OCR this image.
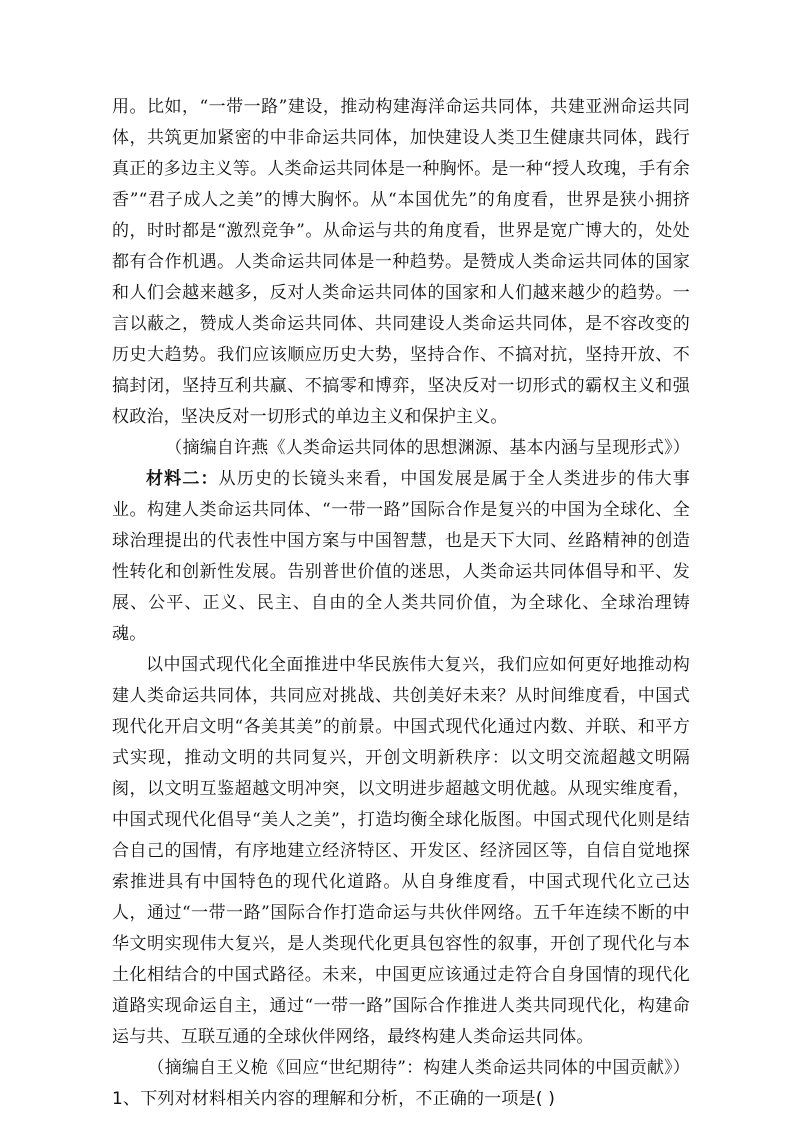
用。比如，“一带一路”建设，推动构建海洋命运共同体，共建亚洲命运共同体，共筑更加紧密的中非命运共同体，加快建设人类卫生健康共同体，践行真正的多边主义等。人类命运共同体是一种胸怀。是一种“授人玫瑰，手有余香”“君子成人之美”的博大胸怀。从“本国优先”的角度看，世界是狭小拥挤的，时时都是“激烈竞争”。从命运与共的角度看，世界是宽广博大的，处处都有合作机遇。人类命运共同体是一种趋势。是赞成人类命运共同体的国家和人们会越来越多，反对人类命运共同体的国家和人们越来越少的趋势。一言以蔽之，赞成人类命运共同体、共同建设人类命运共同体，是不容改变的历史大趋势。我们应该顺应历史大势，坚持合作、不搞对抗，坚持开放、不搞封闭，坚持互利共赢、不搞零和博弈，坚决反对一切形式的霸权主义和强权政治，坚决反对一切形式的单边主义和保护主义。

（摘编自许燕《人类命运共同体的思想渊源、基本内涵与呈现形式》）

材料二：从历史的长镜头来看，中国发展是属于全人类进步的伟大事业。构建人类命运共同体、“一带一路”国际合作是复兴的中国为全球化、全球治理提出的代表性中国方案与中国智慧，也是天下大同、丝路精神的创造性转化和创新性发展。告别普世价值的迷思，人类命运共同体倡导和平、发展、公平、正义、民主、自由的全人类共同价值，为全球化、全球治理铸魂。

以中国式现代化全面推进中华民族伟大复兴，我们应如何更好地推动构建人类命运共同体，共同应对挑战、共创美好未来？从时间维度看，中国式现代化开启文明“各美其美”的前景。中国式现代化通过内数、并联、和平方式实现，推动文明的共同复兴，开创文明新秩序：以文明交流超越文明隔阂，以文明互鉴超越文明冲突，以文明进步超越文明优越。从现实维度看，中国式现代化倡导“美人之美”，打造均衡全球化版图。中国式现代化则是结合自己的国情，有序地建立经济特区、开发区、经济园区等，自信自觉地探索推进具有中国特色的现代化道路。从自身维度看，中国式现代化立己达人，通过“一带一路”国际合作打造命运与共伙伴网络。五千年连续不断的中华文明实现伟大复兴，是人类现代化更具包容性的叙事，开创了现代化与本土化相结合的中国式路径。未来，中国更应该通过走符合自身国情的现代化道路实现命运自主，通过“一带一路”国际合作推进人类共同现代化，构建命运与共、互联互通的全球伙伴网络，最终构建人类命运共同体。

（摘编自王义桅《回应“世纪期待”：构建人类命运共同体的中国贡献》）

1、下列对材料相关内容的理解和分析，不正确的一项是( )
